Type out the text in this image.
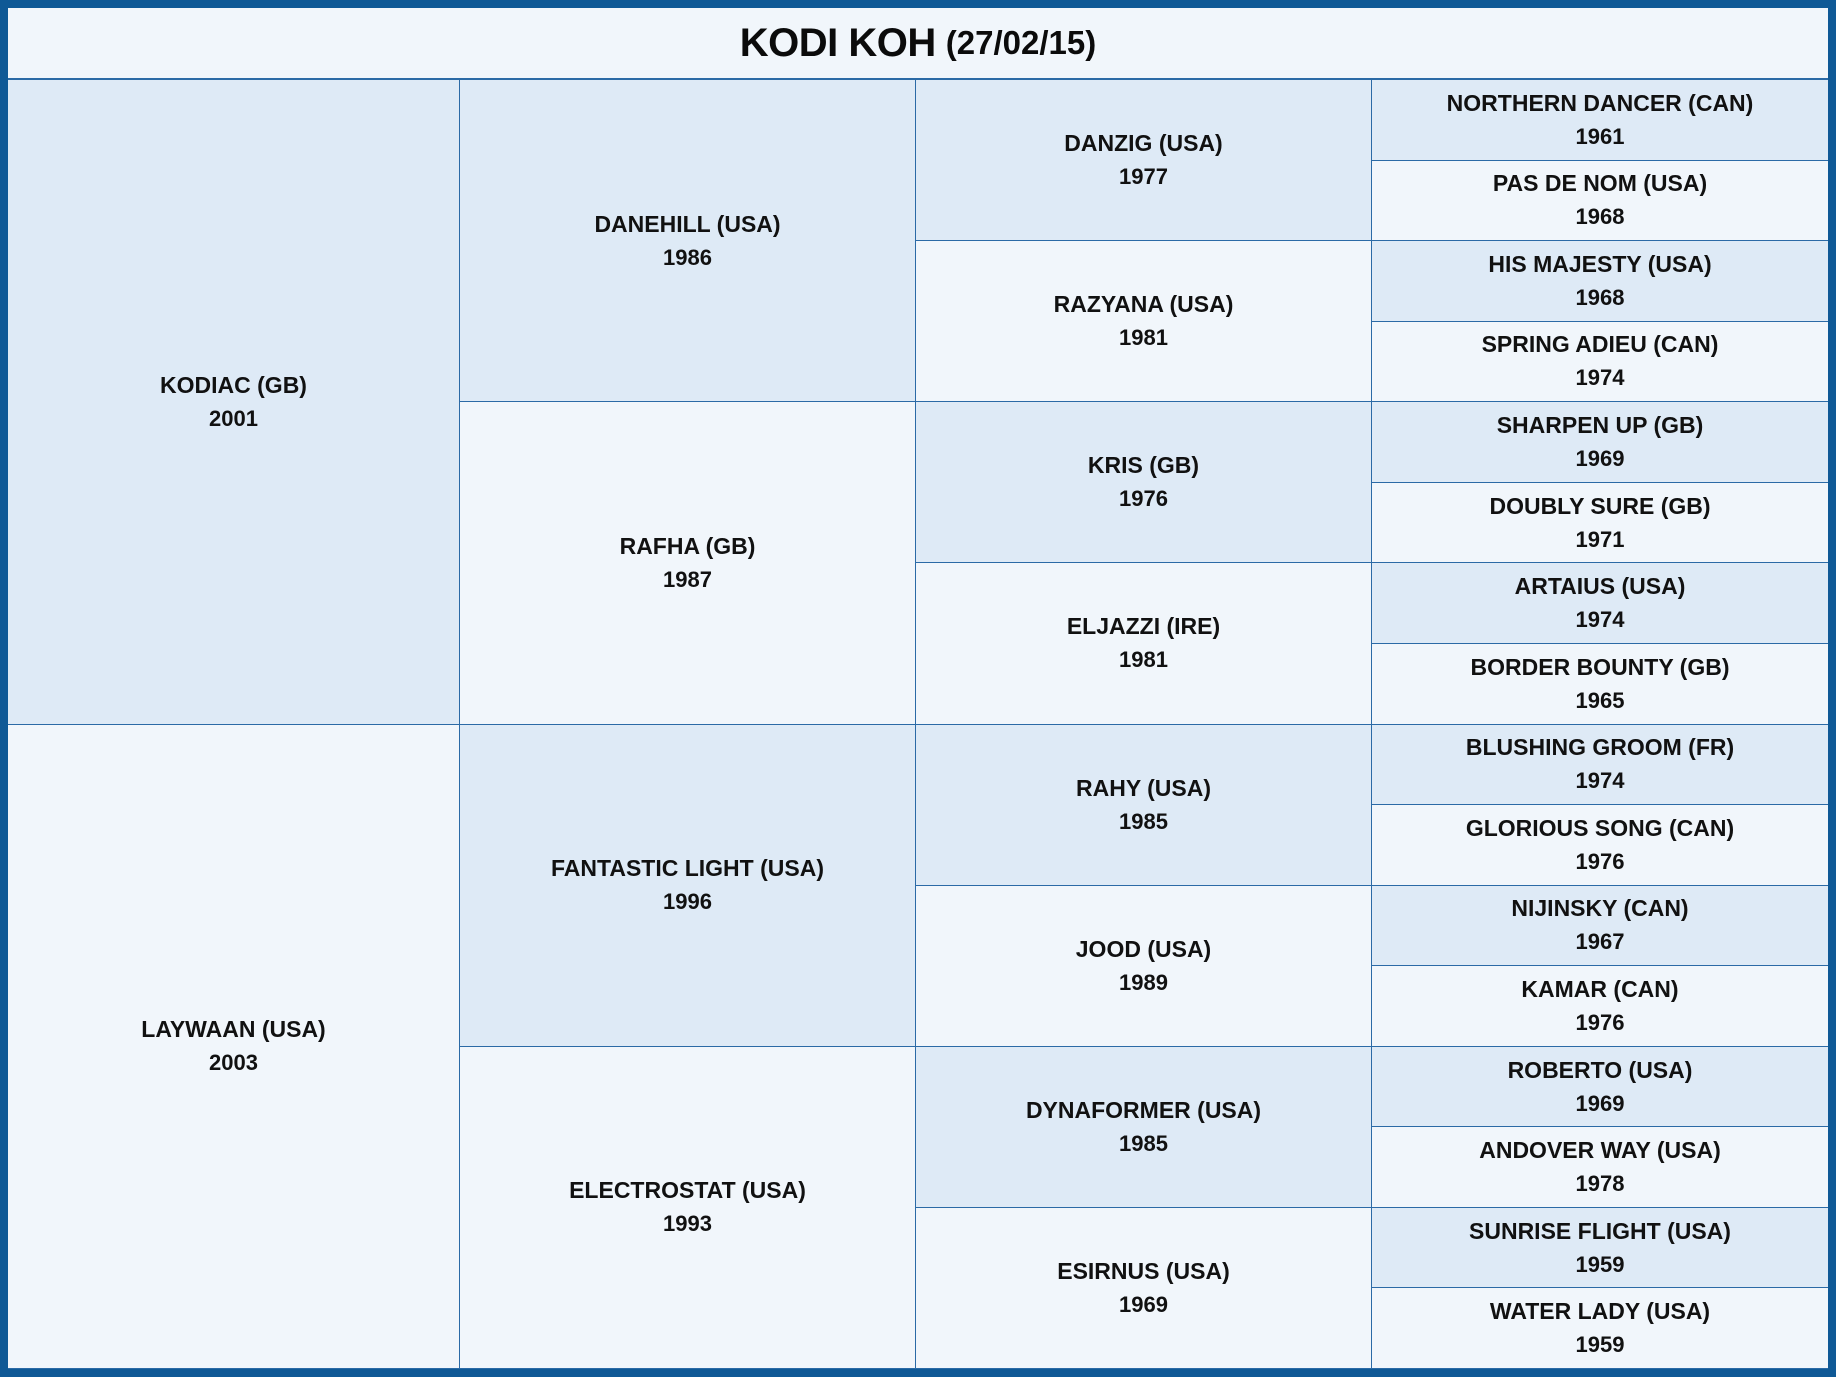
KODI KOH (27/02/15)
KODIAC (GB)
2001
LAYWAAN (USA)
2003
DANEHILL (USA)
1986
RAFHA (GB)
1987
FANTASTIC LIGHT (USA)
1996
ELECTROSTAT (USA)
1993
DANZIG (USA)
1977
RAZYANA (USA)
1981
KRIS (GB)
1976
ELJAZZI (IRE)
1981
RAHY (USA)
1985
JOOD (USA)
1989
DYNAFORMER (USA)
1985
ESIRNUS (USA)
1969
NORTHERN DANCER (CAN)
1961
PAS DE NOM (USA)
1968
HIS MAJESTY (USA)
1968
SPRING ADIEU (CAN)
1974
SHARPEN UP (GB)
1969
DOUBLY SURE (GB)
1971
ARTAIUS (USA)
1974
BORDER BOUNTY (GB)
1965
BLUSHING GROOM (FR)
1974
GLORIOUS SONG (CAN)
1976
NIJINSKY (CAN)
1967
KAMAR (CAN)
1976
ROBERTO (USA)
1969
ANDOVER WAY (USA)
1978
SUNRISE FLIGHT (USA)
1959
WATER LADY (USA)
1959
